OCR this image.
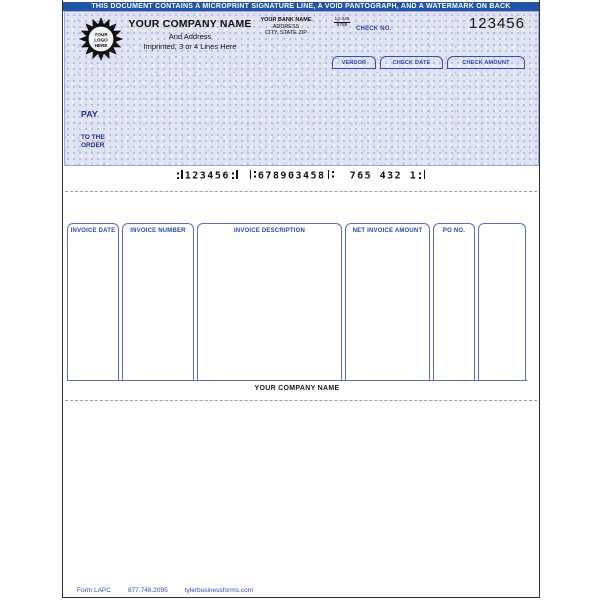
THIS DOCUMENT CONTAINS A MICROPRINT SIGNATURE LINE, A VOID PANTOGRAPH, AND A WATERMARK ON BACK
YOUR
LOGO
HERE
YOUR COMPANY NAME
And Address
Imprinted, 3 or 4 Lines Here
YOUR BANK NAME
ADDRESS
CITY, STATE ZIP
$\frac{12-345}{6789}$
CHECK NO.	123456
VENDOR	CHECK DATE	CHECK AMOUNT
PAY
TO THE
ORDER
123456	678903458 765 432 1
INVOICE DATE	INVOICE NUMBER	INVOICE DESCRIPTION	NET INVOICE AMOUNT	PO NO.
YOUR COMPANY NAME
Form LAPC	877.748.2095	tylerbusinessforms.com
